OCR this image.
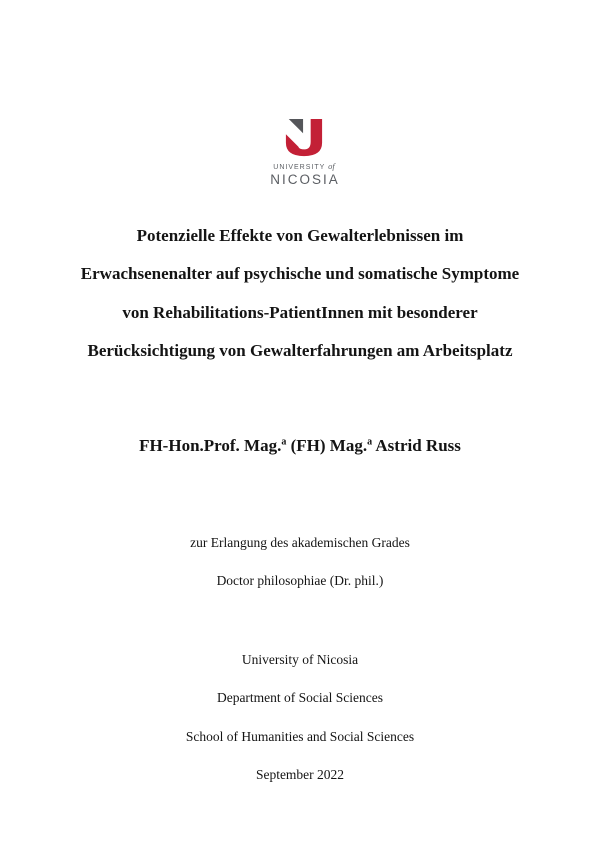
UNIVERSITY of
NICOSIA
Potenzielle Effekte von Gewalterlebnissen im
Erwachsenenalter auf psychische und somatische Symptome
von Rehabilitations-PatientInnen mit besonderer
Berücksichtigung von Gewalterfahrungen am Arbeitsplatz
FH-Hon.Prof. Mag.$^a$ (FH) Mag.$^a$ Astrid Russ
zur Erlangung des akademischen Grades
Doctor philosophiae (Dr. phil.)
University of Nicosia
Department of Social Sciences
School of Humanities and Social Sciences
September 2022
